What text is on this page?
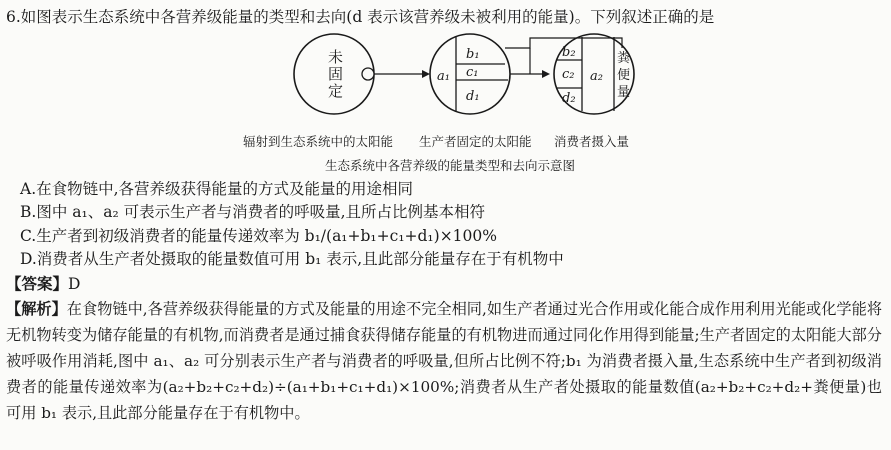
6.如图表示生态系统中各营养级能量的类型和去向(d 表示该营养级未被利用的能量)。下列叙述正确的是
未
固
定
a₁
b₁
c₁
d₁
b₂
c₂
d₂
a₂
粪
便
量
辐射到生态系统中的太阳能 生产者固定的太阳能 消费者摄入量
生态系统中各营养级的能量类型和去向示意图
A.在食物链中,各营养级获得能量的方式及能量的用途相同
B.图中 a₁、a₂ 可表示生产者与消费者的呼吸量,且所占比例基本相符
C.生产者到初级消费者的能量传递效率为 b₁/(a₁+b₁+c₁+d₁)×100%
D.消费者从生产者处摄取的能量数值可用 b₁ 表示,且此部分能量存在于有机物中
【答案】D
【解析】在食物链中,各营养级获得能量的方式及能量的用途不完全相同,如生产者通过光合作用或化能合成作用利用光能或化学能将无机物转变为储存能量的有机物,而消费者是通过捕食获得储存能量的有机物进而通过同化作用得到能量;生产者固定的太阳能大部分被呼吸作用消耗,图中 a₁、a₂ 可分别表示生产者与消费者的呼吸量,但所占比例不符;b₁ 为消费者摄入量,生态系统中生产者到初级消费者的能量传递效率为(a₂+b₂+c₂+d₂)÷(a₁+b₁+c₁+d₁)×100%;消费者从生产者处摄取的能量数值(a₂+b₂+c₂+d₂+粪便量)也可用 b₁ 表示,且此部分能量存在于有机物中。
